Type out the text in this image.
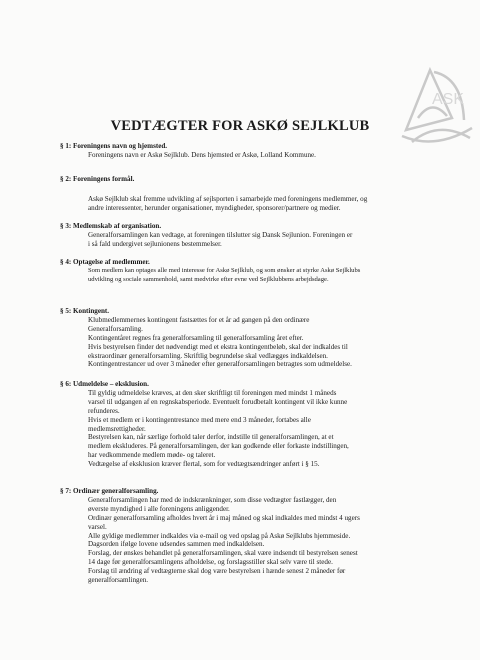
ASK
VEDTÆGTER FOR ASKØ SEJLKLUB
§ 1: Foreningens navn og hjemsted.
Foreningens navn er Askø Sejlklub. Dens hjemsted er Askø, Lolland Kommune.
§ 2: Foreningens formål.
Askø Sejlklub skal fremme udvikling af sejlsporten i samarbejde med foreningens medlemmer, og
andre interessenter, herunder organisationer, myndigheder, sponsorer/partnere og medier.
§ 3: Medlemskab af organisation.
Generalforsamlingen kan vedtage, at foreningen tilslutter sig Dansk Sejlunion. Foreningen er
i så fald undergivet sejlunionens bestemmelser.
§ 4: Optagelse af medlemmer.
Som medlem kan optages alle med interesse for Askø Sejlklub, og som ønsker at styrke Askø Sejlklubs
udvikling og sociale sammenhold, samt medvirke efter evne ved Sejlklubbens arbejdsdage.
§ 5: Kontingent.
Klubmedlemmernes kontingent fastsættes for et år ad gangen på den ordinære
Generalforsamling.
Kontingentåret regnes fra generalforsamling til generalforsamling året efter.
Hvis bestyrelsen finder det nødvendigt med et ekstra kontingentbeløb, skal der indkaldes til
ekstraordinær generalforsamling. Skriftlig begrundelse skal vedlægges indkaldelsen.
Kontingentrestancer ud over 3 måneder efter generalforsamlingen betragtes som udmeldelse.
§ 6: Udmeldelse – eksklusion.
Til gyldig udmeldelse kræves, at den sker skriftligt til foreningen med mindst 1 måneds
varsel til udgangen af en regnskabsperiode. Eventuelt forudbetalt kontingent vil ikke kunne
refunderes.
Hvis et medlem er i kontingentrestance med mere end 3 måneder, fortabes alle
medlemsrettigheder.
Bestyrelsen kan, når særlige forhold taler derfor, indstille til generalforsamlingen, at et
medlem ekskluderes. På generalforsamlingen, der kan godkende eller forkaste indstillingen,
har vedkommende medlem møde- og taleret.
Vedtægelse af eksklusion kræver flertal, som for vedtægtsændringer anført i § 15.
§ 7: Ordinær generalforsamling.
Generalforsamlingen har med de indskrænkninger, som disse vedtægter fastlægger, den
øverste myndighed i alle foreningens anliggender.
Ordinær generalforsamling afholdes hvert år i maj måned og skal indkaldes med mindst 4 ugers
varsel.
Alle gyldige medlemmer indkaldes via e-mail og ved opslag på Askø Sejlklubs hjemmeside.
Dagsorden ifølge lovene udsendes sammen med indkaldelsen.
Forslag, der ønskes behandlet på generalforsamlingen, skal være indsendt til bestyrelsen senest
14 dage før generalforsamlingens afholdelse, og forslagsstiller skal selv være til stede.
Forslag til ændring af vedtægterne skal dog være bestyrelsen i hænde senest 2 måneder før
generalforsamlingen.
